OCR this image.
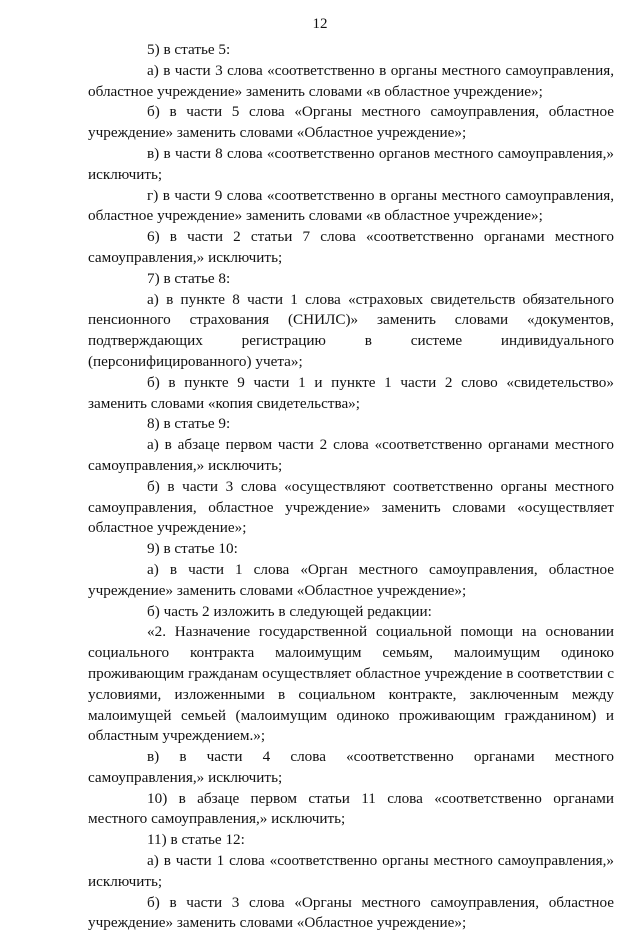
12

5) в статье 5:

а) в части 3 слова «соответственно в органы местного самоуправления, областное учреждение» заменить словами «в областное учреждение»;

б) в части 5 слова «Органы местного самоуправления, областное учреждение» заменить словами «Областное учреждение»;

в) в части 8 слова «соответственно органов местного самоуправления,» исключить;

г) в части 9 слова «соответственно в органы местного самоуправления, областное учреждение» заменить словами «в областное учреждение»;

6) в части 2 статьи 7 слова «соответственно органами местного самоуправления,» исключить;

7) в статье 8:

а) в пункте 8 части 1 слова «страховых свидетельств обязательного пенсионного страхования (СНИЛС)» заменить словами «документов, подтверждающих регистрацию в системе индивидуального (персонифицированного) учета»;

б) в пункте 9 части 1 и пункте 1 части 2 слово «свидетельство» заменить словами «копия свидетельства»;

8) в статье 9:

а) в абзаце первом части 2 слова «соответственно органами местного самоуправления,» исключить;

б) в части 3 слова «осуществляют соответственно органы местного самоуправления, областное учреждение» заменить словами «осуществляет областное учреждение»;

9) в статье 10:

а) в части 1 слова «Орган местного самоуправления, областное учреждение» заменить словами «Областное учреждение»;

б) часть 2 изложить в следующей редакции:

«2. Назначение государственной социальной помощи на основании социального контракта малоимущим семьям, малоимущим одиноко проживающим гражданам осуществляет областное учреждение в соответствии с условиями, изложенными в социальном контракте, заключенным между малоимущей семьей (малоимущим одиноко проживающим гражданином) и областным учреждением.»;

в) в части 4 слова «соответственно органами местного самоуправления,» исключить;

10) в абзаце первом статьи 11 слова «соответственно органами местного самоуправления,» исключить;

11) в статье 12:

а) в части 1 слова «соответственно органы местного самоуправления,» исключить;

б) в части 3 слова «Органы местного самоуправления, областное учреждение» заменить словами «Областное учреждение»;
